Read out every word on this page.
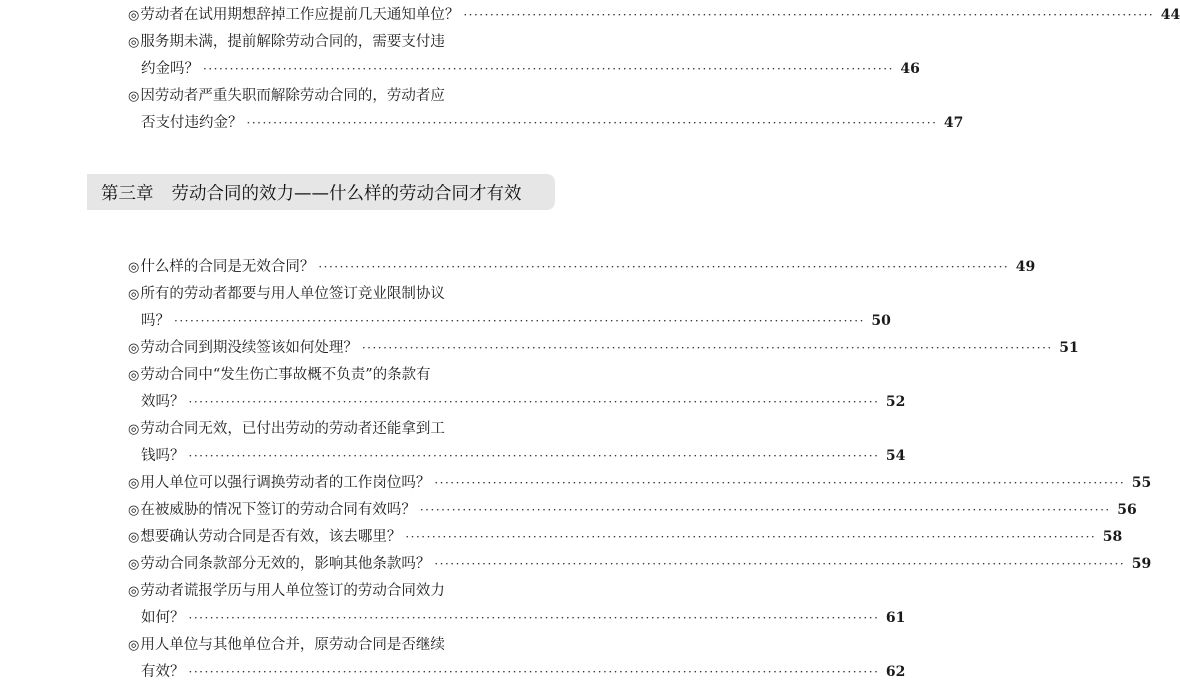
◎ 劳动者在试用期想辞掉工作应提前几天通知单位？ ·····	44
◎ 服务期未满，提前解除劳动合同的，需要支付违
约金吗？ ·····	46
◎ 因劳动者严重失职而解除劳动合同的，劳动者应
否支付违约金？ ·····	47
第三章 劳动合同的效力——什么样的劳动合同才有效
◎ 什么样的合同是无效合同？ ·····	49
◎ 所有的劳动者都要与用人单位签订竞业限制协议
吗？ ·····	50
◎ 劳动合同到期没续签该如何处理？ ·····	51
◎ 劳动合同中“发生伤亡事故概不负责”的条款有
效吗？ ·····	52
◎ 劳动合同无效，已付出劳动的劳动者还能拿到工
钱吗？ ·····	54
◎ 用人单位可以强行调换劳动者的工作岗位吗？ ·····	55
◎ 在被威胁的情况下签订的劳动合同有效吗？ ·····	56
◎ 想要确认劳动合同是否有效，该去哪里？ ·····	58
◎ 劳动合同条款部分无效的，影响其他条款吗？ ·····	59
◎ 劳动者谎报学历与用人单位签订的劳动合同效力
如何？ ·····	61
◎ 用人单位与其他单位合并，原劳动合同是否继续
有效？ ·····	62
